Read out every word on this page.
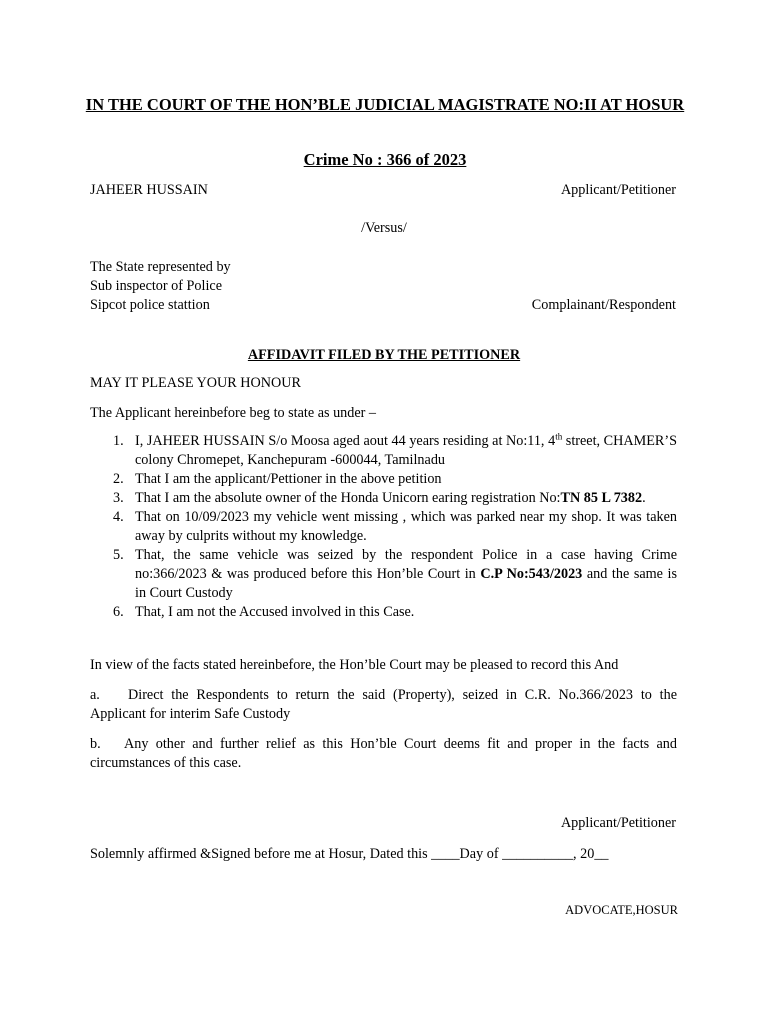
IN THE COURT OF THE HON’BLE JUDICIAL MAGISTRATE NO:II AT HOSUR
Crime No : 366 of 2023
JAHEER HUSSAIN	Applicant/Petitioner
/Versus/
The State represented by
Sub inspector of Police
Sipcot police stattion	Complainant/Respondent
AFFIDAVIT FILED BY THE PETITIONER
MAY IT PLEASE YOUR HONOUR
The Applicant hereinbefore beg to state as under –
1. I, JAHEER HUSSAIN S/o Moosa aged aout 44 years residing at No:11, 4th street, CHAMER’S colony Chromepet, Kanchepuram -600044, Tamilnadu
2. That I am the applicant/Pettioner in the above petition
3. That I am the absolute owner of the Honda Unicorn earing registration No:TN 85 L 7382.
4. That on 10/09/2023 my vehicle went missing , which was parked near my shop. It was taken away by culprits without my knowledge.
5. That, the same vehicle was seized by the respondent Police in a case having Crime no:366/2023 & was produced before this Hon’ble Court in C.P No:543/2023 and the same is in Court Custody
6. That, I am not the Accused involved in this Case.
In view of the facts stated hereinbefore, the Hon’ble Court may be pleased to record this And
a. Direct the Respondents to return the said (Property), seized in C.R. No.366/2023 to the Applicant for interim Safe Custody
b. Any other and further relief as this Hon’ble Court deems fit and proper in the facts and circumstances of this case.
Applicant/Petitioner
Solemnly affirmed &Signed before me at Hosur, Dated this ____Day of __________, 20__
ADVOCATE,HOSUR
